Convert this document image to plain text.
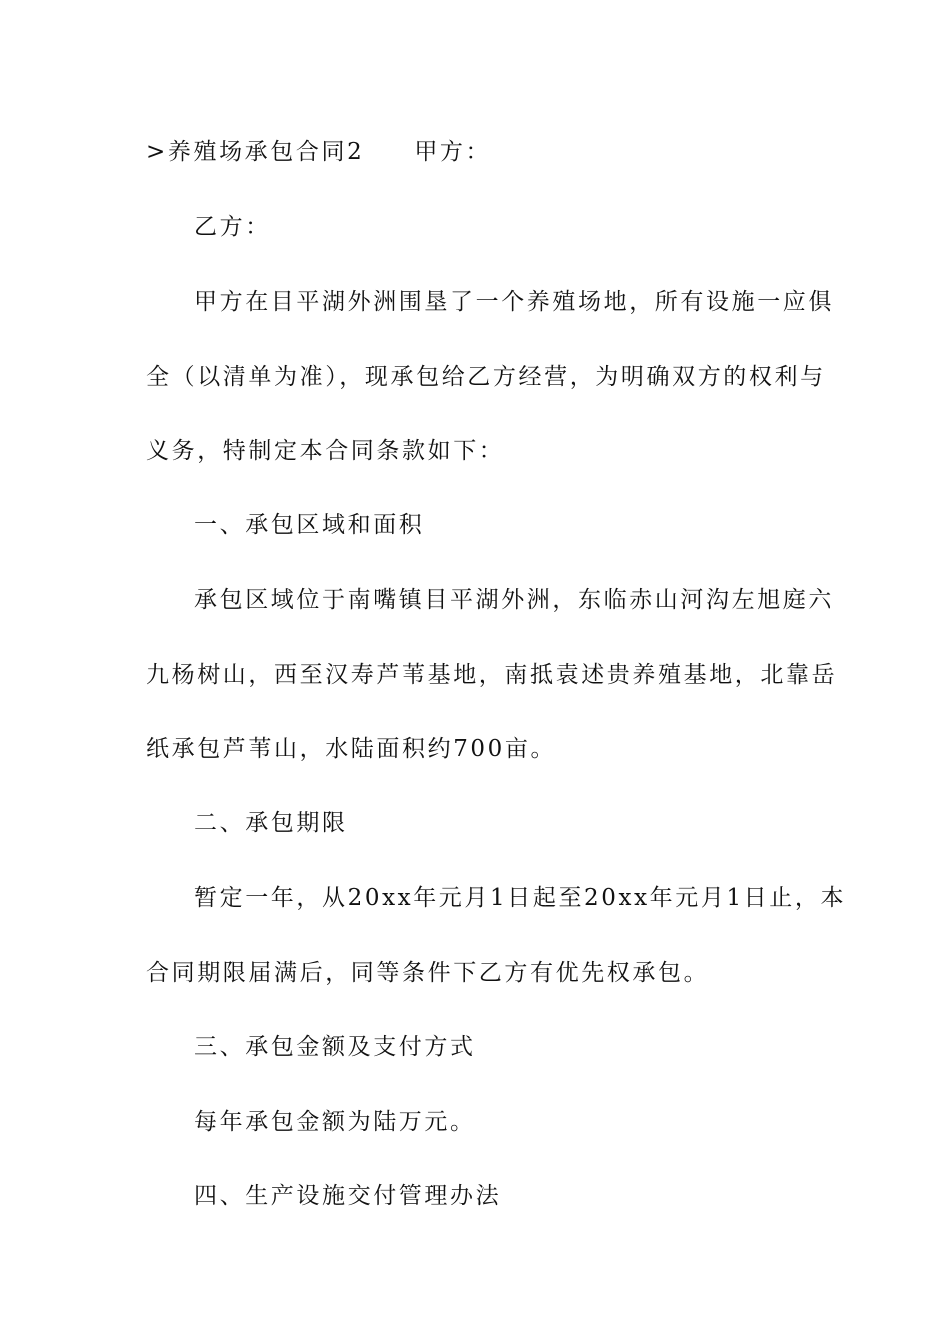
>养殖场承包合同2 甲方：
乙方：
甲方在目平湖外洲围垦了一个养殖场地，所有设施一应俱
全（以清单为准），现承包给乙方经营，为明确双方的权利与
义务，特制定本合同条款如下：
一、承包区域和面积
承包区域位于南嘴镇目平湖外洲，东临赤山河沟左旭庭六
九杨树山，西至汉寿芦苇基地，南抵袁述贵养殖基地，北靠岳
纸承包芦苇山，水陆面积约700亩。
二、承包期限
暂定一年，从20xx年元月1日起至20xx年元月1日止，本
合同期限届满后，同等条件下乙方有优先权承包。
三、承包金额及支付方式
每年承包金额为陆万元。
四、生产设施交付管理办法
